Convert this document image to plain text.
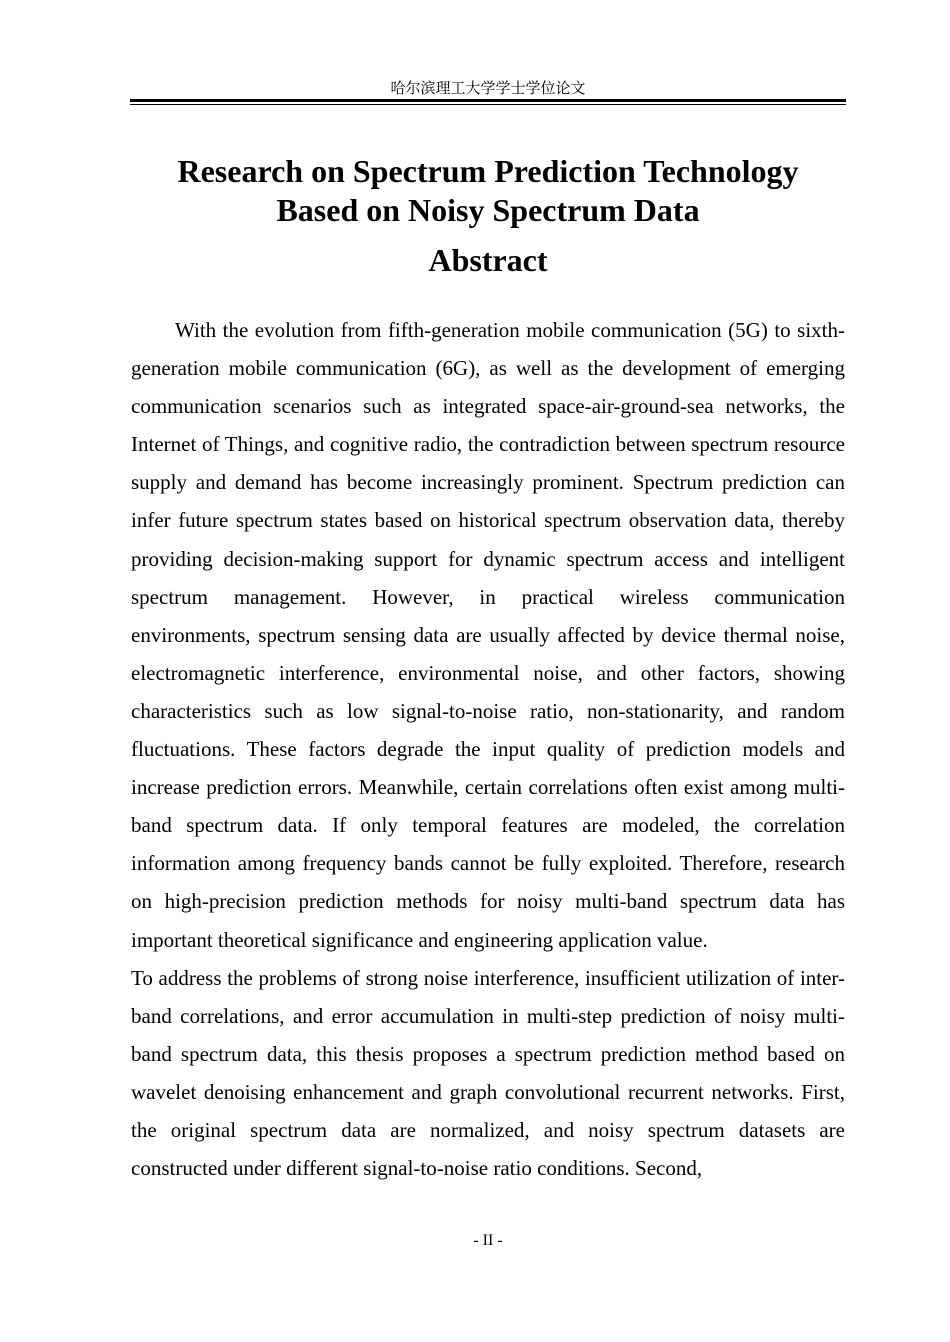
哈尔滨理工大学学士学位论文

Research on Spectrum Prediction Technology

Based on Noisy Spectrum Data

Abstract

With the evolution from fifth-generation mobile communication (5G) to sixth-generation mobile communication (6G), as well as the development of emerging communication scenarios such as integrated space-air-ground-sea networks, the Internet of Things, and cognitive radio, the contradiction between spectrum resource supply and demand has become increasingly prominent. Spectrum prediction can infer future spectrum states based on historical spectrum observation data, thereby providing decision-making support for dynamic spectrum access and intelligent spectrum management. However, in practical wireless communication environments, spectrum sensing data are usually affected by device thermal noise, electromagnetic interference, environmental noise, and other factors, showing characteristics such as low signal-to-noise ratio, non-stationarity, and random fluctuations. These factors degrade the input quality of prediction models and increase prediction errors. Meanwhile, certain correlations often exist among multi-band spectrum data. If only temporal features are modeled, the correlation information among frequency bands cannot be fully exploited. Therefore, research on high-precision prediction methods for noisy multi-band spectrum data has important theoretical significance and engineering application value.

To address the problems of strong noise interference, insufficient utilization of inter-band correlations, and error accumulation in multi-step prediction of noisy multi-band spectrum data, this thesis proposes a spectrum prediction method based on wavelet denoising enhancement and graph convolutional recurrent networks. First, the original spectrum data are normalized, and noisy spectrum datasets are constructed under different signal-to-noise ratio conditions. Second,

- II -
